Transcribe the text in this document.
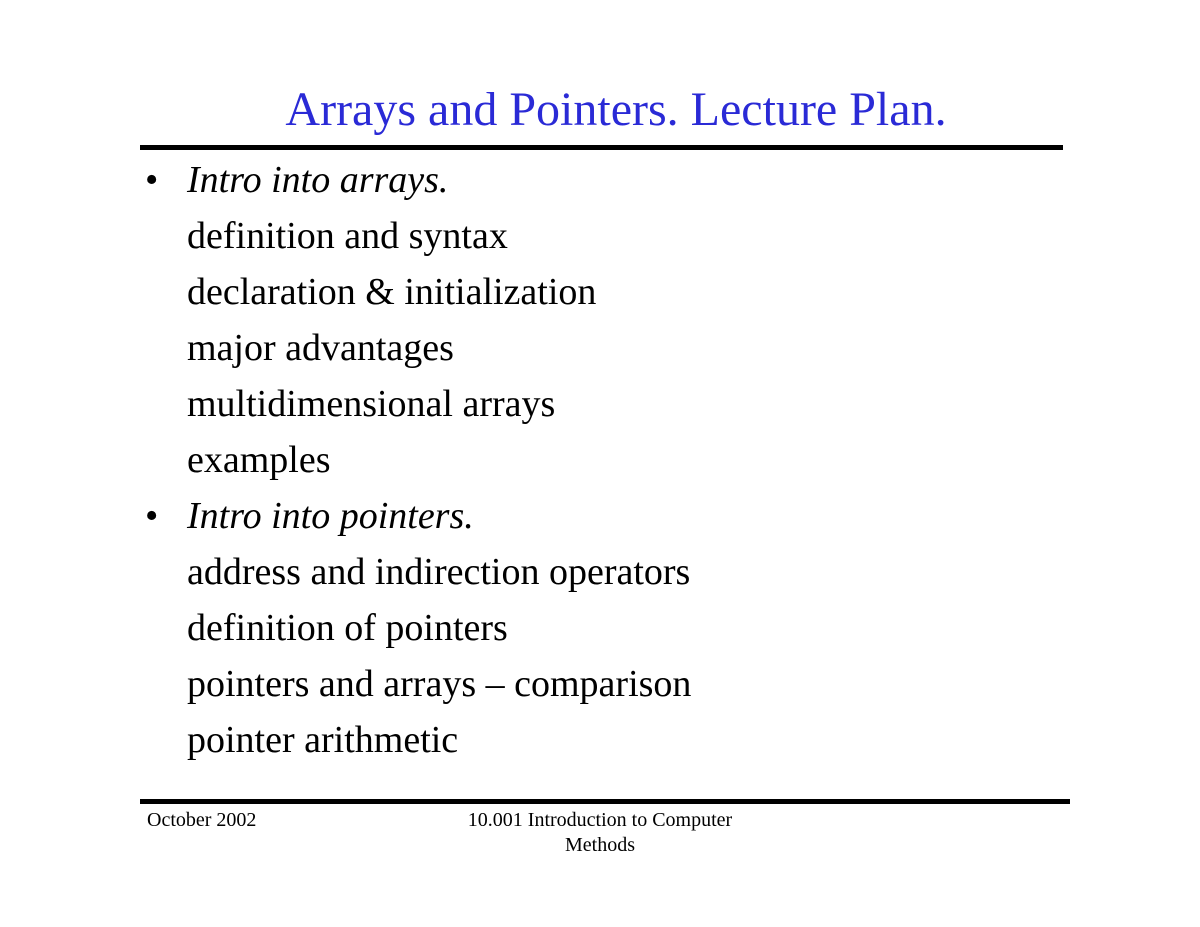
Arrays and Pointers. Lecture Plan.
• Intro into arrays.
definition and syntax
declaration & initialization
major advantages
multidimensional arrays
examples
• Intro into pointers.
address and indirection operators
definition of pointers
pointers and arrays – comparison
pointer arithmetic
October 2002	10.001 Introduction to Computer
Methods
